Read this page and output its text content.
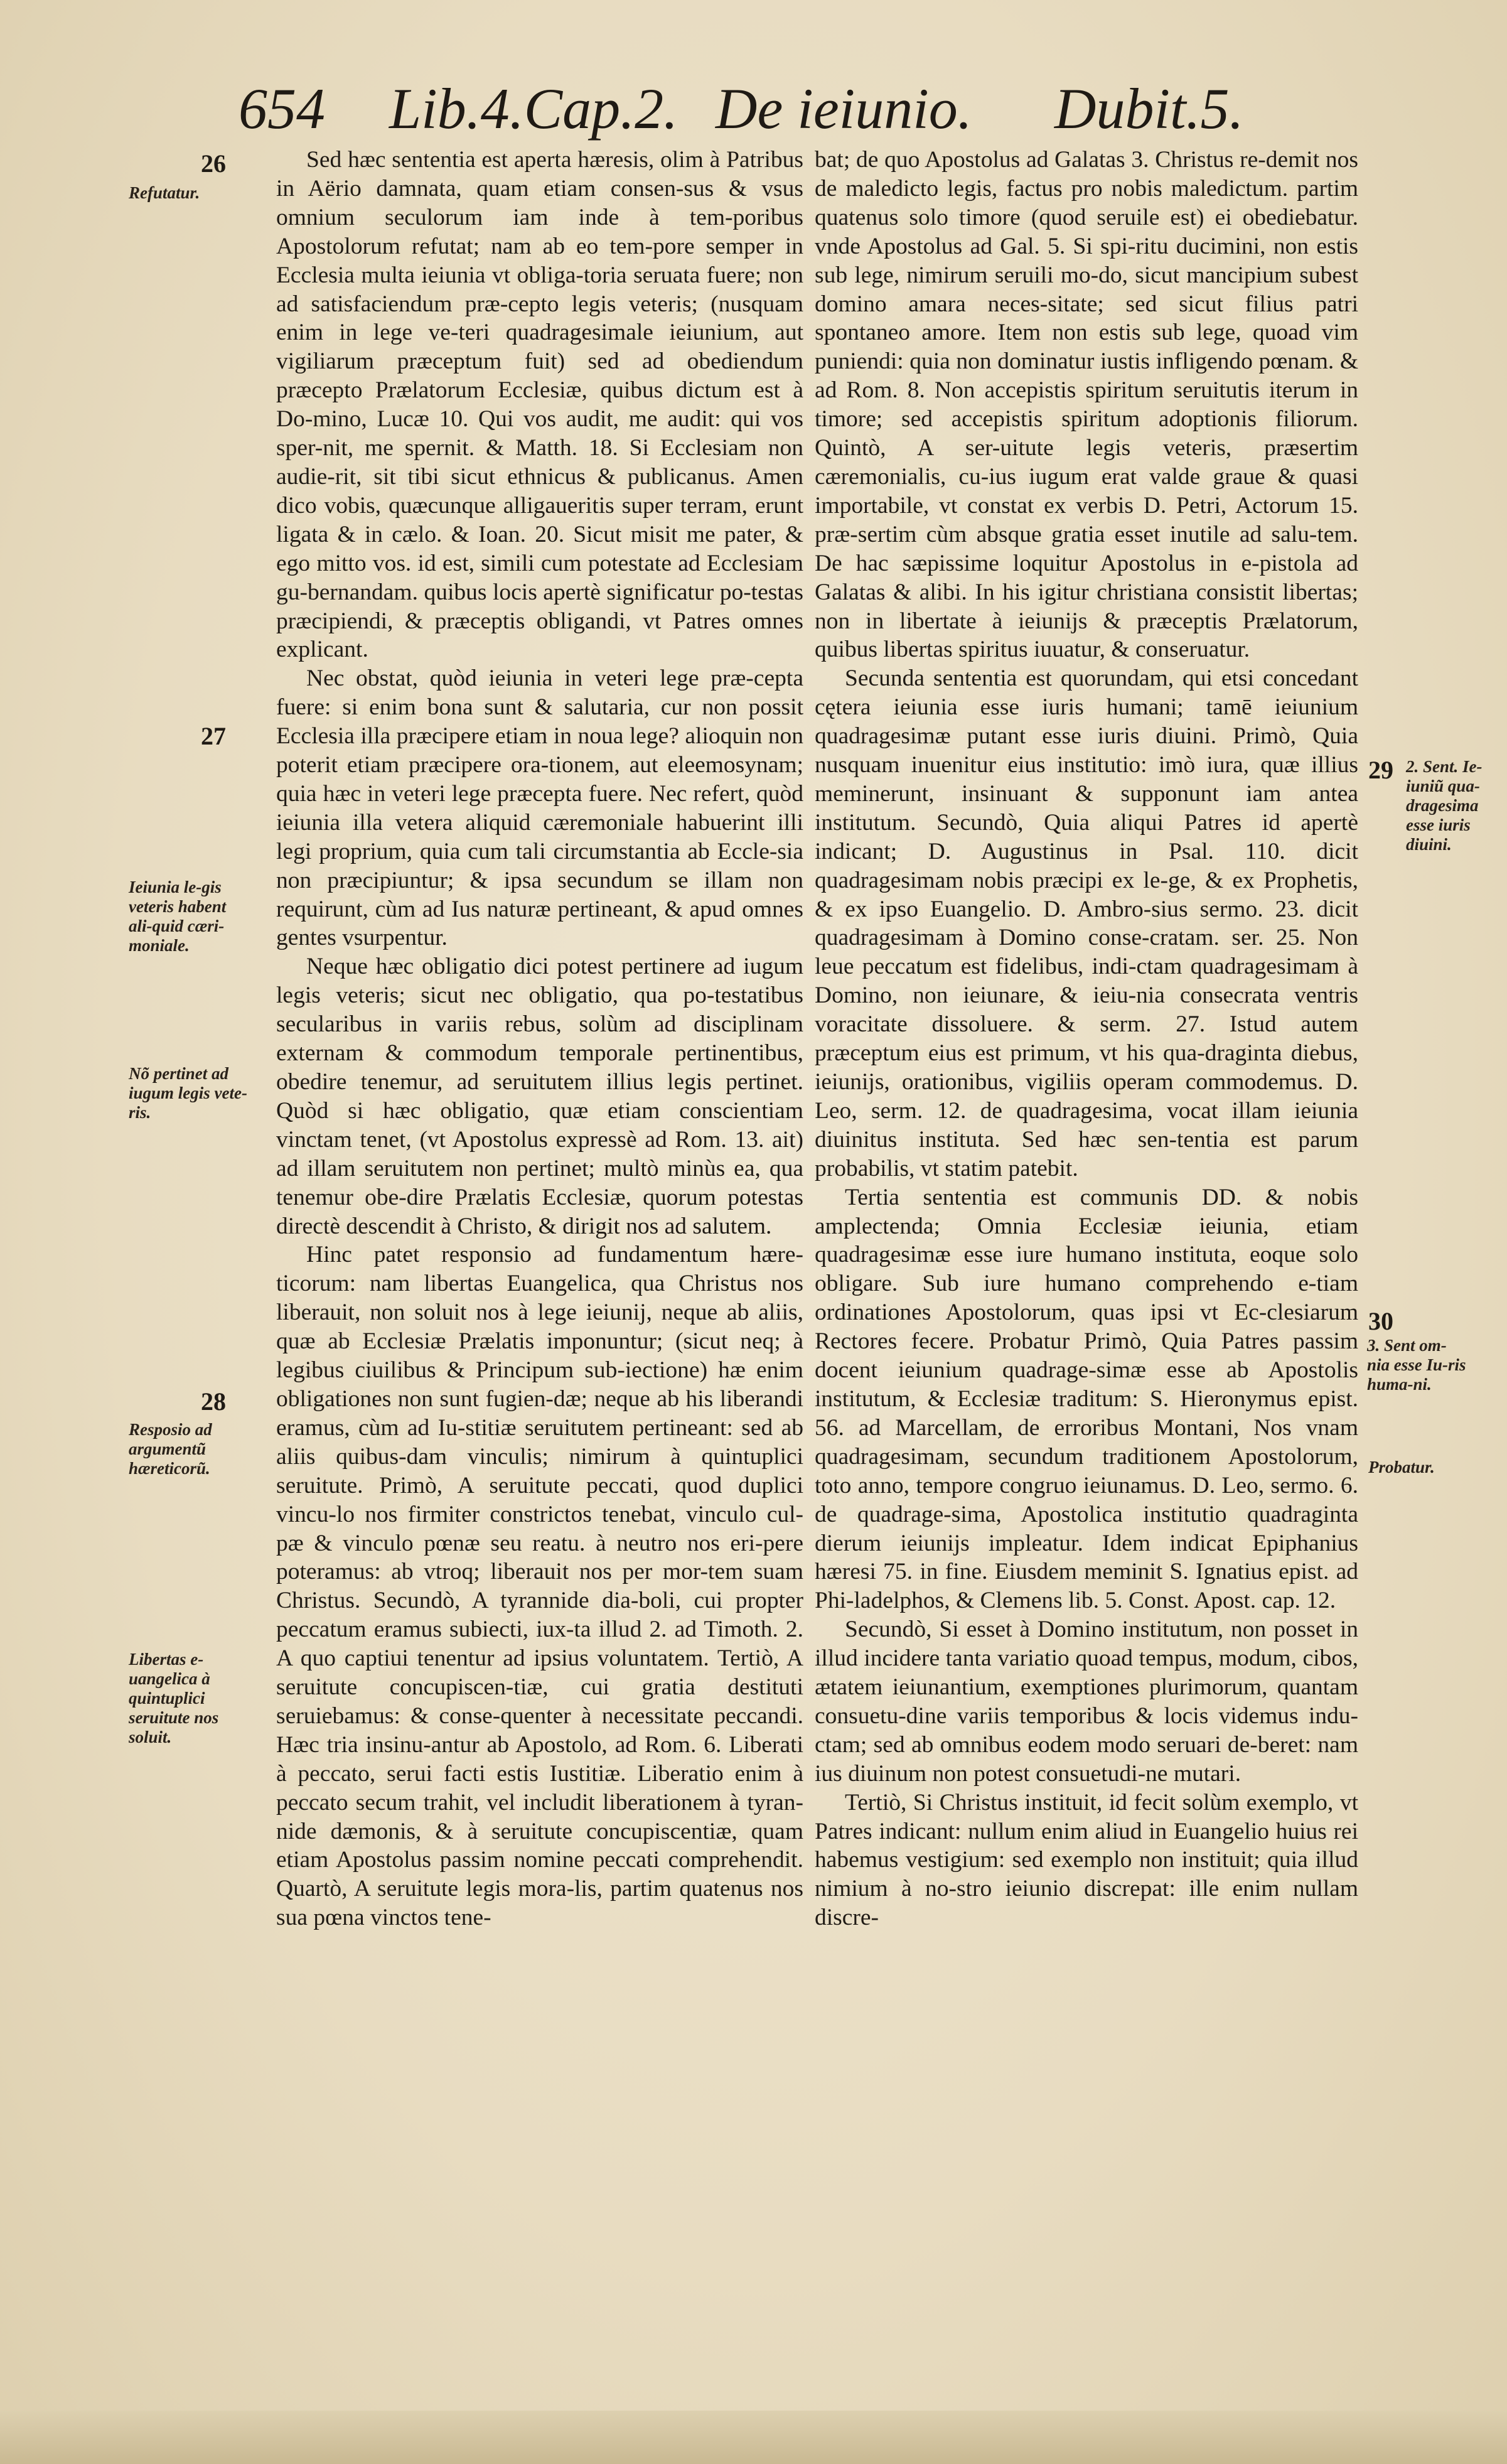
654 Lib.4.Cap.2. De ieiunio. Dubit.5.
26
Refutatur.
27
Ieiunia le-gis veteris habent ali-quid cæri-moniale.
Nõ pertinet ad iugum legis vete-ris.
28
Resposio ad argumentũ hæreticorũ.
Libertas e-uangelica à quintuplici seruitute nos soluit.
29 2. Sent. Ie-iuniũ qua-dragesima esse iuris diuini.
30
3. Sent om-nia esse Iu-ris huma-ni.
Probatur.

Sed hæc sententia est aperta hæresis, olim à Patribus in Aërio damnata, quam etiam consen-sus & vsus omnium seculorum iam inde à tem-poribus Apostolorum refutat; nam ab eo tem-pore semper in Ecclesia multa ieiunia vt obliga-toria seruata fuere; non ad satisfaciendum præ-cepto legis veteris; (nusquam enim in lege ve-teri quadragesimale ieiunium, aut vigiliarum præceptum fuit) sed ad obediendum præcepto Prælatorum Ecclesiæ, quibus dictum est à Do-mino, Lucæ 10. Qui vos audit, me audit: qui vos sper-nit, me spernit. & Matth. 18. Si Ecclesiam non audie-rit, sit tibi sicut ethnicus & publicanus. Amen dico vobis, quæcunque alligaueritis super terram, erunt ligata & in cælo. & Ioan. 20. Sicut misit me pater, & ego mitto vos. id est, simili cum potestate ad Ecclesiam gu-bernandam. quibus locis apertè significatur po-testas præcipiendi, & præceptis obligandi, vt Patres omnes explicant.

Nec obstat, quòd ieiunia in veteri lege præ-cepta fuere: si enim bona sunt & salutaria, cur non possit Ecclesia illa præcipere etiam in noua lege? alioquin non poterit etiam præcipere ora-tionem, aut eleemosynam; quia hæc in veteri lege præcepta fuere. Nec refert, quòd ieiunia illa vetera aliquid cæremoniale habuerint illi legi proprium, quia cum tali circumstantia ab Eccle-sia non præcipiuntur; & ipsa secundum se illam non requirunt, cùm ad Ius naturæ pertineant, & apud omnes gentes vsurpentur.

Neque hæc obligatio dici potest pertinere ad iugum legis veteris; sicut nec obligatio, qua po-testatibus secularibus in variis rebus, solùm ad disciplinam externam & commodum temporale pertinentibus, obedire tenemur, ad seruitutem illius legis pertinet. Quòd si hæc obligatio, quæ etiam conscientiam vinctam tenet, (vt Apostolus expressè ad Rom. 13. ait) ad illam seruitutem non pertinet; multò minùs ea, qua tenemur obe-dire Prælatis Ecclesiæ, quorum potestas directè descendit à Christo, & dirigit nos ad salutem.

Hinc patet responsio ad fundamentum hære-ticorum: nam libertas Euangelica, qua Christus nos liberauit, non soluit nos à lege ieiunij, neque ab aliis, quæ ab Ecclesiæ Prælatis imponuntur; (sicut neq; à legibus ciuilibus & Principum sub-iectione) hæ enim obligationes non sunt fugien-dæ; neque ab his liberandi eramus, cùm ad Iu-stitiæ seruitutem pertineant: sed ab aliis quibus-dam vinculis; nimirum à quintuplici seruitute. Primò, A seruitute peccati, quod duplici vincu-lo nos firmiter constrictos tenebat, vinculo cul-pæ & vinculo pœnæ seu reatu. à neutro nos eri-pere poteramus: ab vtroq; liberauit nos per mor-tem suam Christus. Secundò, A tyrannide dia-boli, cui propter peccatum eramus subiecti, iux-ta illud 2. ad Timoth. 2. A quo captiui tenentur ad ipsius voluntatem. Tertiò, A seruitute concupiscen-tiæ, cui gratia destituti seruiebamus: & conse-quenter à necessitate peccandi. Hæc tria insinu-antur ab Apostolo, ad Rom. 6. Liberati à peccato, serui facti estis Iustitiæ. Liberatio enim à peccato secum trahit, vel includit liberationem à tyran-nide dæmonis, & à seruitute concupiscentiæ, quam etiam Apostolus passim nomine peccati comprehendit. Quartò, A seruitute legis mora-lis, partim quatenus nos sua pœna vinctos tene-

bat; de quo Apostolus ad Galatas 3. Christus re-demit nos de maledicto legis, factus pro nobis maledictum. partim quatenus solo timore (quod seruile est) ei obediebatur. vnde Apostolus ad Gal. 5. Si spi-ritu ducimini, non estis sub lege, nimirum seruili mo-do, sicut mancipium subest domino amara neces-sitate; sed sicut filius patri spontaneo amore. Item non estis sub lege, quoad vim puniendi: quia non dominatur iustis infligendo pœnam. & ad Rom. 8. Non accepistis spiritum seruitutis iterum in timore; sed accepistis spiritum adoptionis filiorum. Quintò, A ser-uitute legis veteris, præsertim cæremonialis, cu-ius iugum erat valde graue & quasi importabile, vt constat ex verbis D. Petri, Actorum 15. præ-sertim cùm absque gratia esset inutile ad salu-tem. De hac sæpissime loquitur Apostolus in e-pistola ad Galatas & alibi. In his igitur christiana consistit libertas; non in libertate à ieiunijs & præceptis Prælatorum, quibus libertas spiritus iuuatur, & conseruatur.

Secunda sententia est quorundam, qui etsi concedant cętera ieiunia esse iuris humani; tamē ieiunium quadragesimæ putant esse iuris diuini. Primò, Quia nusquam inuenitur eius institutio: imò iura, quæ illius meminerunt, insinuant & supponunt iam antea institutum. Secundò, Quia aliqui Patres id apertè indicant; D. Augustinus in Psal. 110. dicit quadragesimam nobis præcipi ex le-ge, & ex Prophetis, & ex ipso Euangelio. D. Ambro-sius sermo. 23. dicit quadragesimam à Domino conse-cratam. ser. 25. Non leue peccatum est fidelibus, indi-ctam quadragesimam à Domino, non ieiunare, & ieiu-nia consecrata ventris voracitate dissoluere. & serm. 27. Istud autem præceptum eius est primum, vt his qua-draginta diebus, ieiunijs, orationibus, vigiliis operam commodemus. D. Leo, serm. 12. de quadragesima, vocat illam ieiunia diuinitus instituta. Sed hæc sen-tentia est parum probabilis, vt statim patebit.

Tertia sententia est communis DD. & nobis amplectenda; Omnia Ecclesiæ ieiunia, etiam quadragesimæ esse iure humano instituta, eoque solo obligare. Sub iure humano comprehendo e-tiam ordinationes Apostolorum, quas ipsi vt Ec-clesiarum Rectores fecere. Probatur Primò, Quia Patres passim docent ieiunium quadrage-simæ esse ab Apostolis institutum, & Ecclesiæ traditum: S. Hieronymus epist. 56. ad Marcellam, de erroribus Montani, Nos vnam quadragesimam, secundum traditionem Apostolorum, toto anno, tempore congruo ieiunamus. D. Leo, sermo. 6. de quadrage-sima, Apostolica institutio quadraginta dierum ieiunijs impleatur. Idem indicat Epiphanius hæresi 75. in fine. Eiusdem meminit S. Ignatius epist. ad Phi-ladelphos, & Clemens lib. 5. Const. Apost. cap. 12.

Secundò, Si esset à Domino institutum, non posset in illud incidere tanta variatio quoad tempus, modum, cibos, ætatem ieiunantium, exemptiones plurimorum, quantam consuetu-dine variis temporibus & locis videmus indu-ctam; sed ab omnibus eodem modo seruari de-beret: nam ius diuinum non potest consuetudi-ne mutari.

Tertiò, Si Christus instituit, id fecit solùm exemplo, vt Patres indicant: nullum enim aliud in Euangelio huius rei habemus vestigium: sed exemplo non instituit; quia illud nimium à no-stro ieiunio discrepat: ille enim nullam discre-
